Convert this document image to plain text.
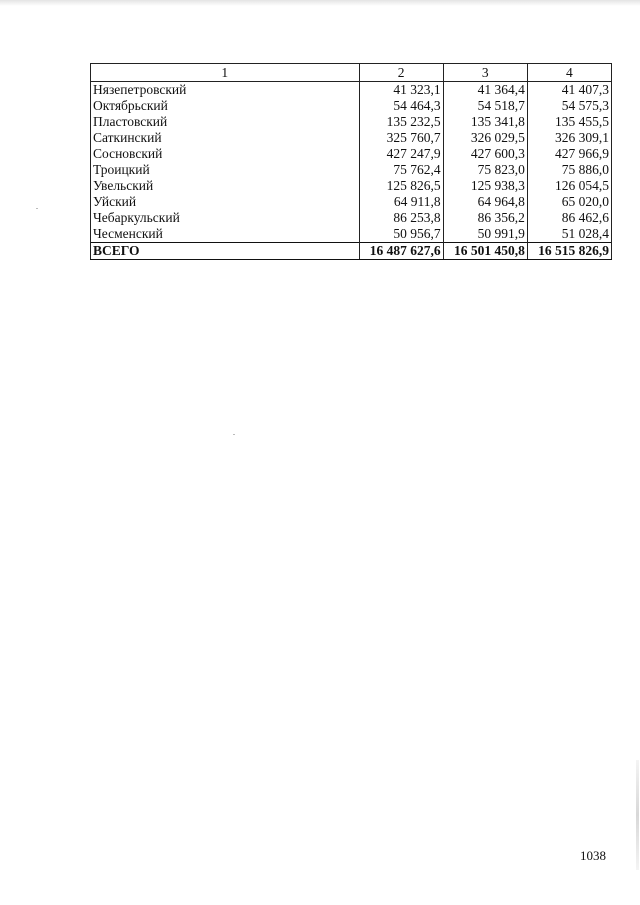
1	2	3	4
Нязепетровский	41 323,1	41 364,4	41 407,3
Октябрьский	54 464,3	54 518,7	54 575,3
Пластовский	135 232,5	135 341,8	135 455,5
Саткинский	325 760,7	326 029,5	326 309,1
Сосновский	427 247,9	427 600,3	427 966,9
Троицкий	75 762,4	75 823,0	75 886,0
Увельский	125 826,5	125 938,3	126 054,5
Уйский	64 911,8	64 964,8	65 020,0
Чебаркульский	86 253,8	86 356,2	86 462,6
Чесменский	50 956,7	50 991,9	51 028,4
ВСЕГО	16 487 627,6	16 501 450,8	16 515 826,9
1038
